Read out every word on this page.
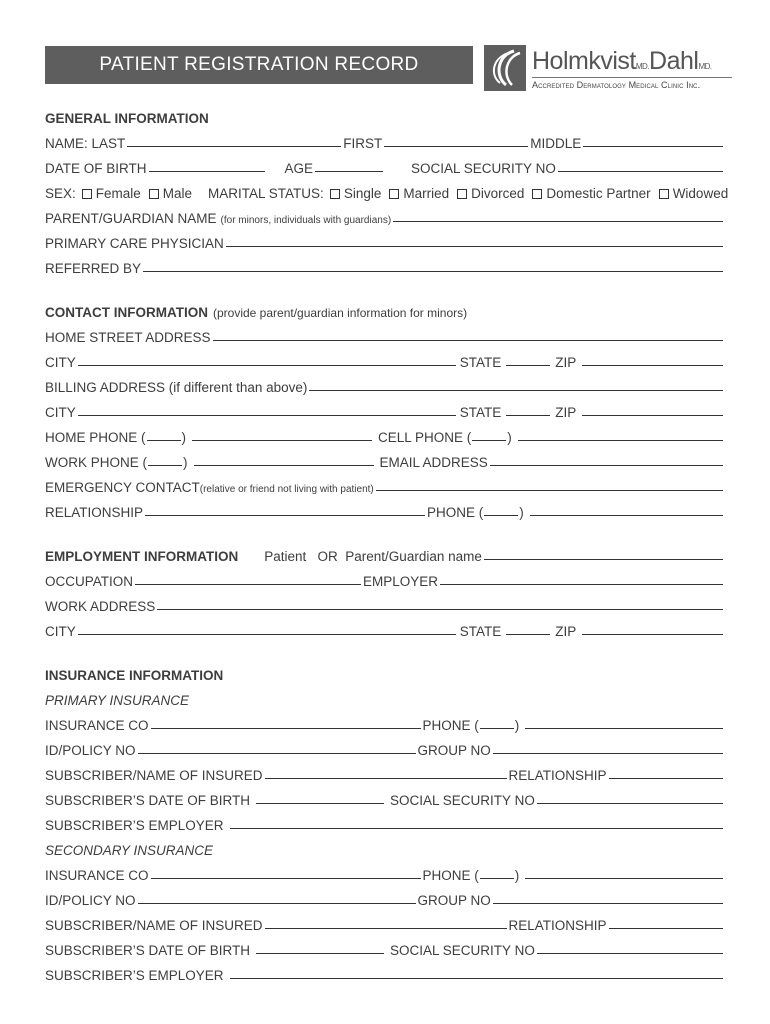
PATIENT REGISTRATION RECORD	HolmkvistMD.DahlMD.
Accredited Dermatology Medical Clinic Inc.
GENERAL INFORMATION
NAME: LAST	FIRST	MIDDLE
DATE OF BIRTH	AGE	SOCIAL SECURITY NO
SEX: Female Male MARITAL STATUS: Single Married Divorced Domestic Partner Widowed
PARENT/GUARDIAN NAME (for minors, individuals with guardians)
PRIMARY CARE PHYSICIAN
REFERRED BY
CONTACT INFORMATION (provide parent/guardian information for minors)
HOME STREET ADDRESS
CITY	STATE	ZIP
BILLING ADDRESS (if different than above)
CITY	STATE	ZIP
HOME PHONE (	)	CELL PHONE (	)
WORK PHONE (	)	EMAIL ADDRESS
EMERGENCY CONTACT (relative or friend not living with patient)
RELATIONSHIP	PHONE (	)
EMPLOYMENT INFORMATION Patient   OR  Parent/Guardian name
OCCUPATION	EMPLOYER
WORK ADDRESS
CITY	STATE	ZIP
INSURANCE INFORMATION
PRIMARY INSURANCE
INSURANCE CO	PHONE (	)
ID/POLICY NO	GROUP NO
SUBSCRIBER/NAME OF INSURED	RELATIONSHIP
SUBSCRIBER’S DATE OF BIRTH	SOCIAL SECURITY NO
SUBSCRIBER’S EMPLOYER
SECONDARY INSURANCE
INSURANCE CO	PHONE (	)
ID/POLICY NO	GROUP NO
SUBSCRIBER/NAME OF INSURED	RELATIONSHIP
SUBSCRIBER’S DATE OF BIRTH	SOCIAL SECURITY NO
SUBSCRIBER’S EMPLOYER
